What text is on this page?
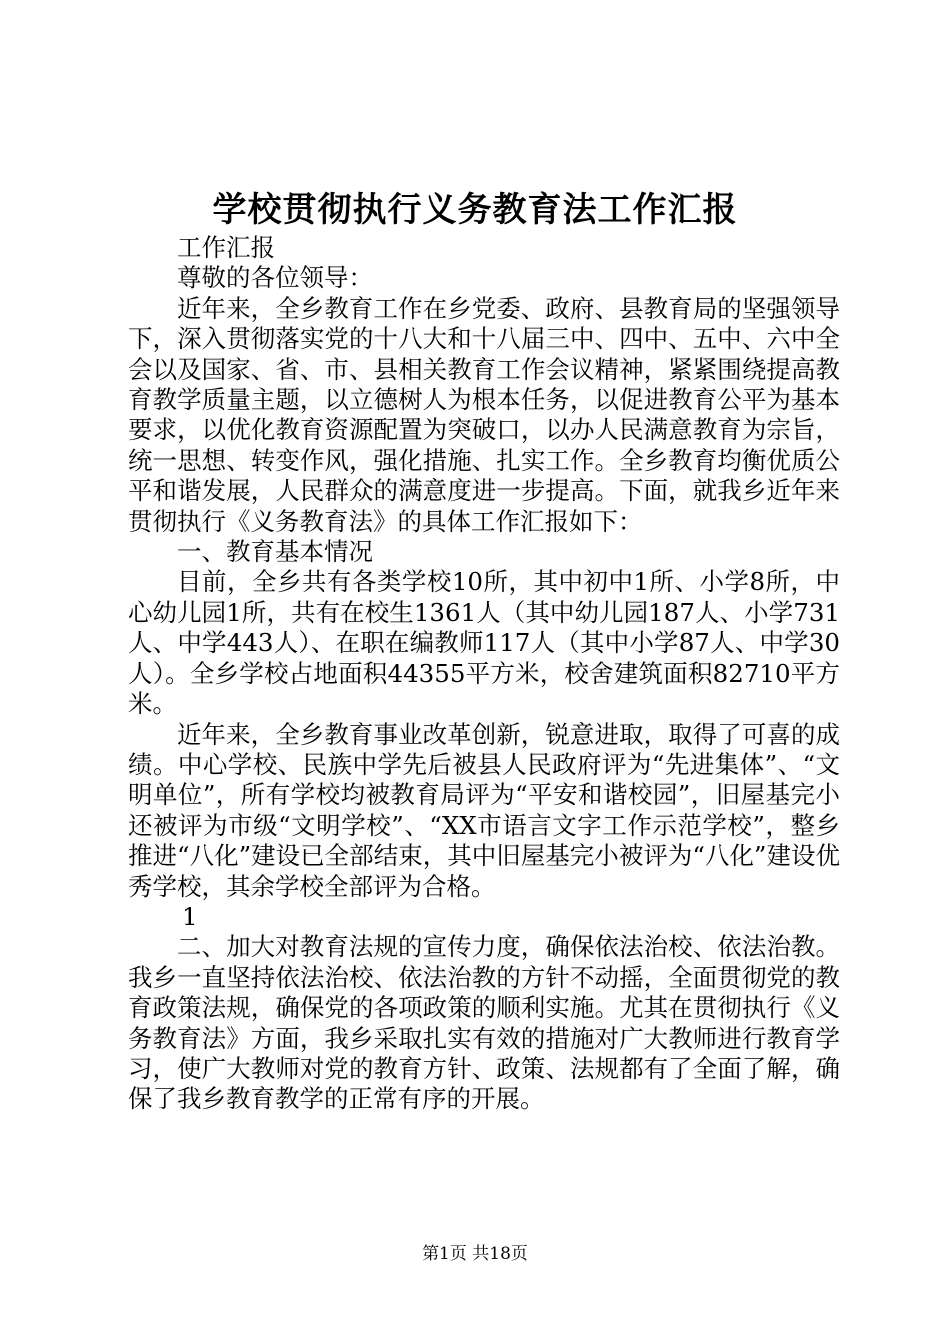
学校贯彻执行义务教育法工作汇报

工作汇报

尊敬的各位领导：

近年来，全乡教育工作在乡党委、政府、县教育局的坚强领导下，深入贯彻落实党的十八大和十八届三中、四中、五中、六中全会以及国家、省、市、县相关教育工作会议精神，紧紧围绕提高教育教学质量主题，以立德树人为根本任务，以促进教育公平为基本要求，以优化教育资源配置为突破口，以办人民满意教育为宗旨，统一思想、转变作风，强化措施、扎实工作。全乡教育均衡优质公平和谐发展，人民群众的满意度进一步提高。下面，就我乡近年来贯彻执行《义务教育法》的具体工作汇报如下：

一、教育基本情况

目前，全乡共有各类学校10所，其中初中1所、小学8所，中心幼儿园1所，共有在校生1361人（其中幼儿园187人、小学731人、中学443人）、在职在编教师117人（其中小学87人、中学30人）。全乡学校占地面积44355平方米，校舍建筑面积82710平方米。

近年来，全乡教育事业改革创新，锐意进取，取得了可喜的成绩。中心学校、民族中学先后被县人民政府评为“先进集体”、“文明单位”，所有学校均被教育局评为“平安和谐校园”，旧屋基完小还被评为市级“文明学校”、“XX市语言文字工作示范学校”，整乡推进“八化”建设已全部结束，其中旧屋基完小被评为“八化”建设优秀学校，其余学校全部评为合格。

1

二、加大对教育法规的宣传力度，确保依法治校、依法治教。我乡一直坚持依法治校、依法治教的方针不动摇，全面贯彻党的教育政策法规，确保党的各项政策的顺利实施。尤其在贯彻执行《义务教育法》方面，我乡采取扎实有效的措施对广大教师进行教育学习，使广大教师对党的教育方针、政策、法规都有了全面了解，确保了我乡教育教学的正常有序的开展。

第1页 共18页
